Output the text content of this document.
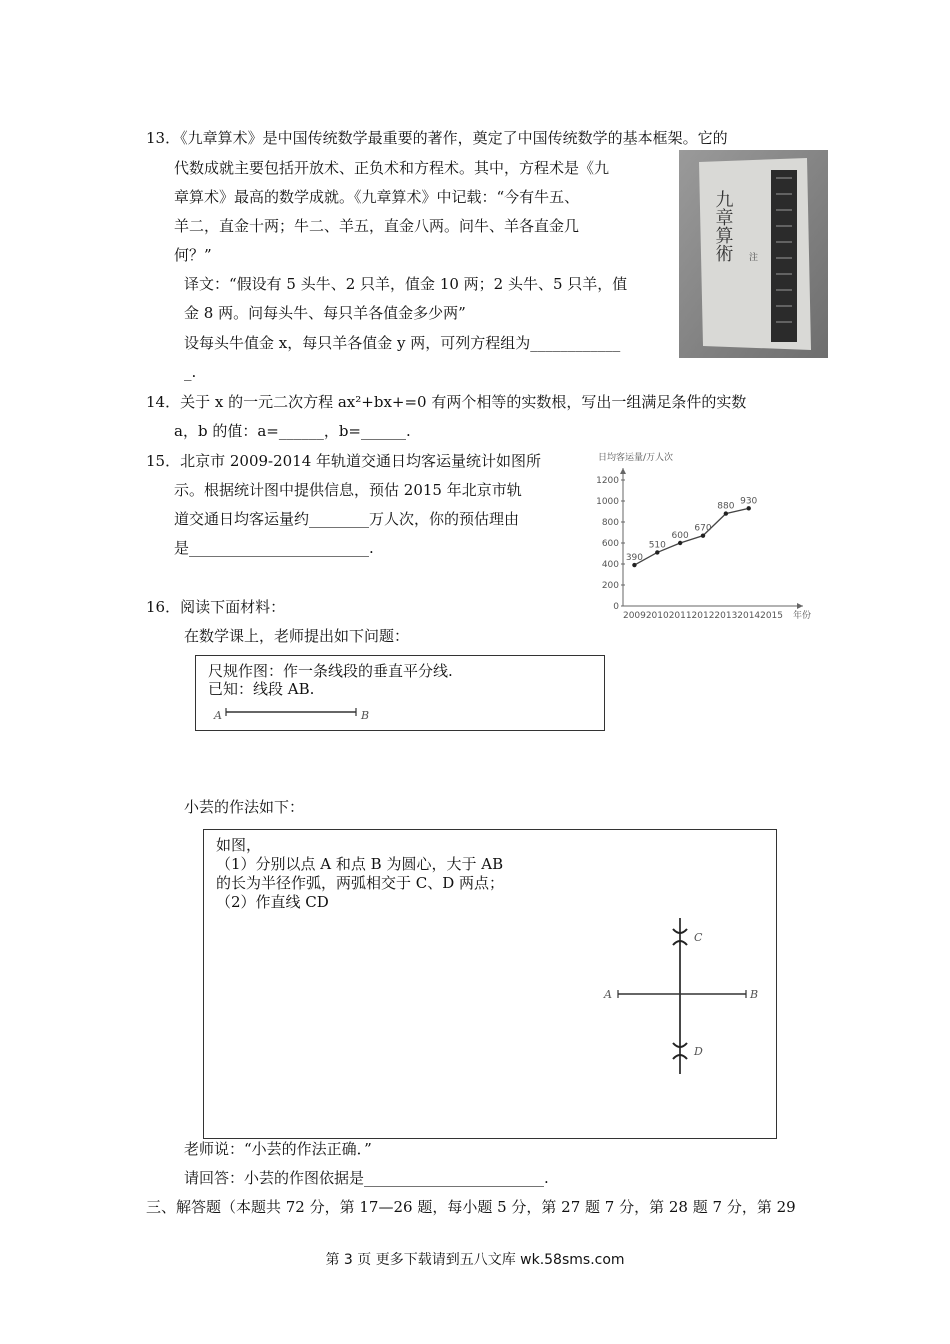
13．《九章算术》是中国传统数学最重要的著作，奠定了中国传统数学的基本框架。它的
代数成就主要包括开放术、正负术和方程术。其中，方程术是《九
章算术》最高的数学成就。《九章算术》中记载：“今有牛五、
羊二，直金十两；牛二、羊五，直金八两。问牛、羊各直金几
何？”
译文：“假设有 5 头牛、2 只羊，值金 10 两；2 头牛、5 只羊，值
金 8 两。问每头牛、每只羊各值金多少两”
设每头牛值金 x，每只羊各值金 y 两，可列方程组为____________
_.
九章算術 注
14．关于 x 的一元二次方程 ax²+bx+=0 有两个相等的实数根，写出一组满足条件的实数
a，b 的值：a=______，b=______.
15．北京市 2009-2014 年轨道交通日均客运量统计如图所
示。根据统计图中提供信息，预估 2015 年北京市轨
道交通日均客运量约________万人次，你的预估理由
是________________________.
日均客运量/万人次
年份
0
200
400
600
800
1000
1200
2009 2010 2011 2012 2013 2014 2015
390
510
600
670
880
930
16．阅读下面材料：
在数学课上，老师提出如下问题：
尺规作图：作一条线段的垂直平分线.
已知：线段 AB.
A	B
小芸的作法如下：
如图，
（1）分别以点 A 和点 B 为圆心，大于 AB
的长为半径作弧，两弧相交于 C、D 两点；
（2）作直线 CD
A	B
C
D
老师说：“小芸的作法正确．”
请回答：小芸的作图依据是________________________.
三、解答题（本题共 72 分，第 17—26 题，每小题 5 分，第 27 题 7 分，第 28 题 7 分，第 29
第 3 页 更多下载请到五八文库 wk.58sms.com
